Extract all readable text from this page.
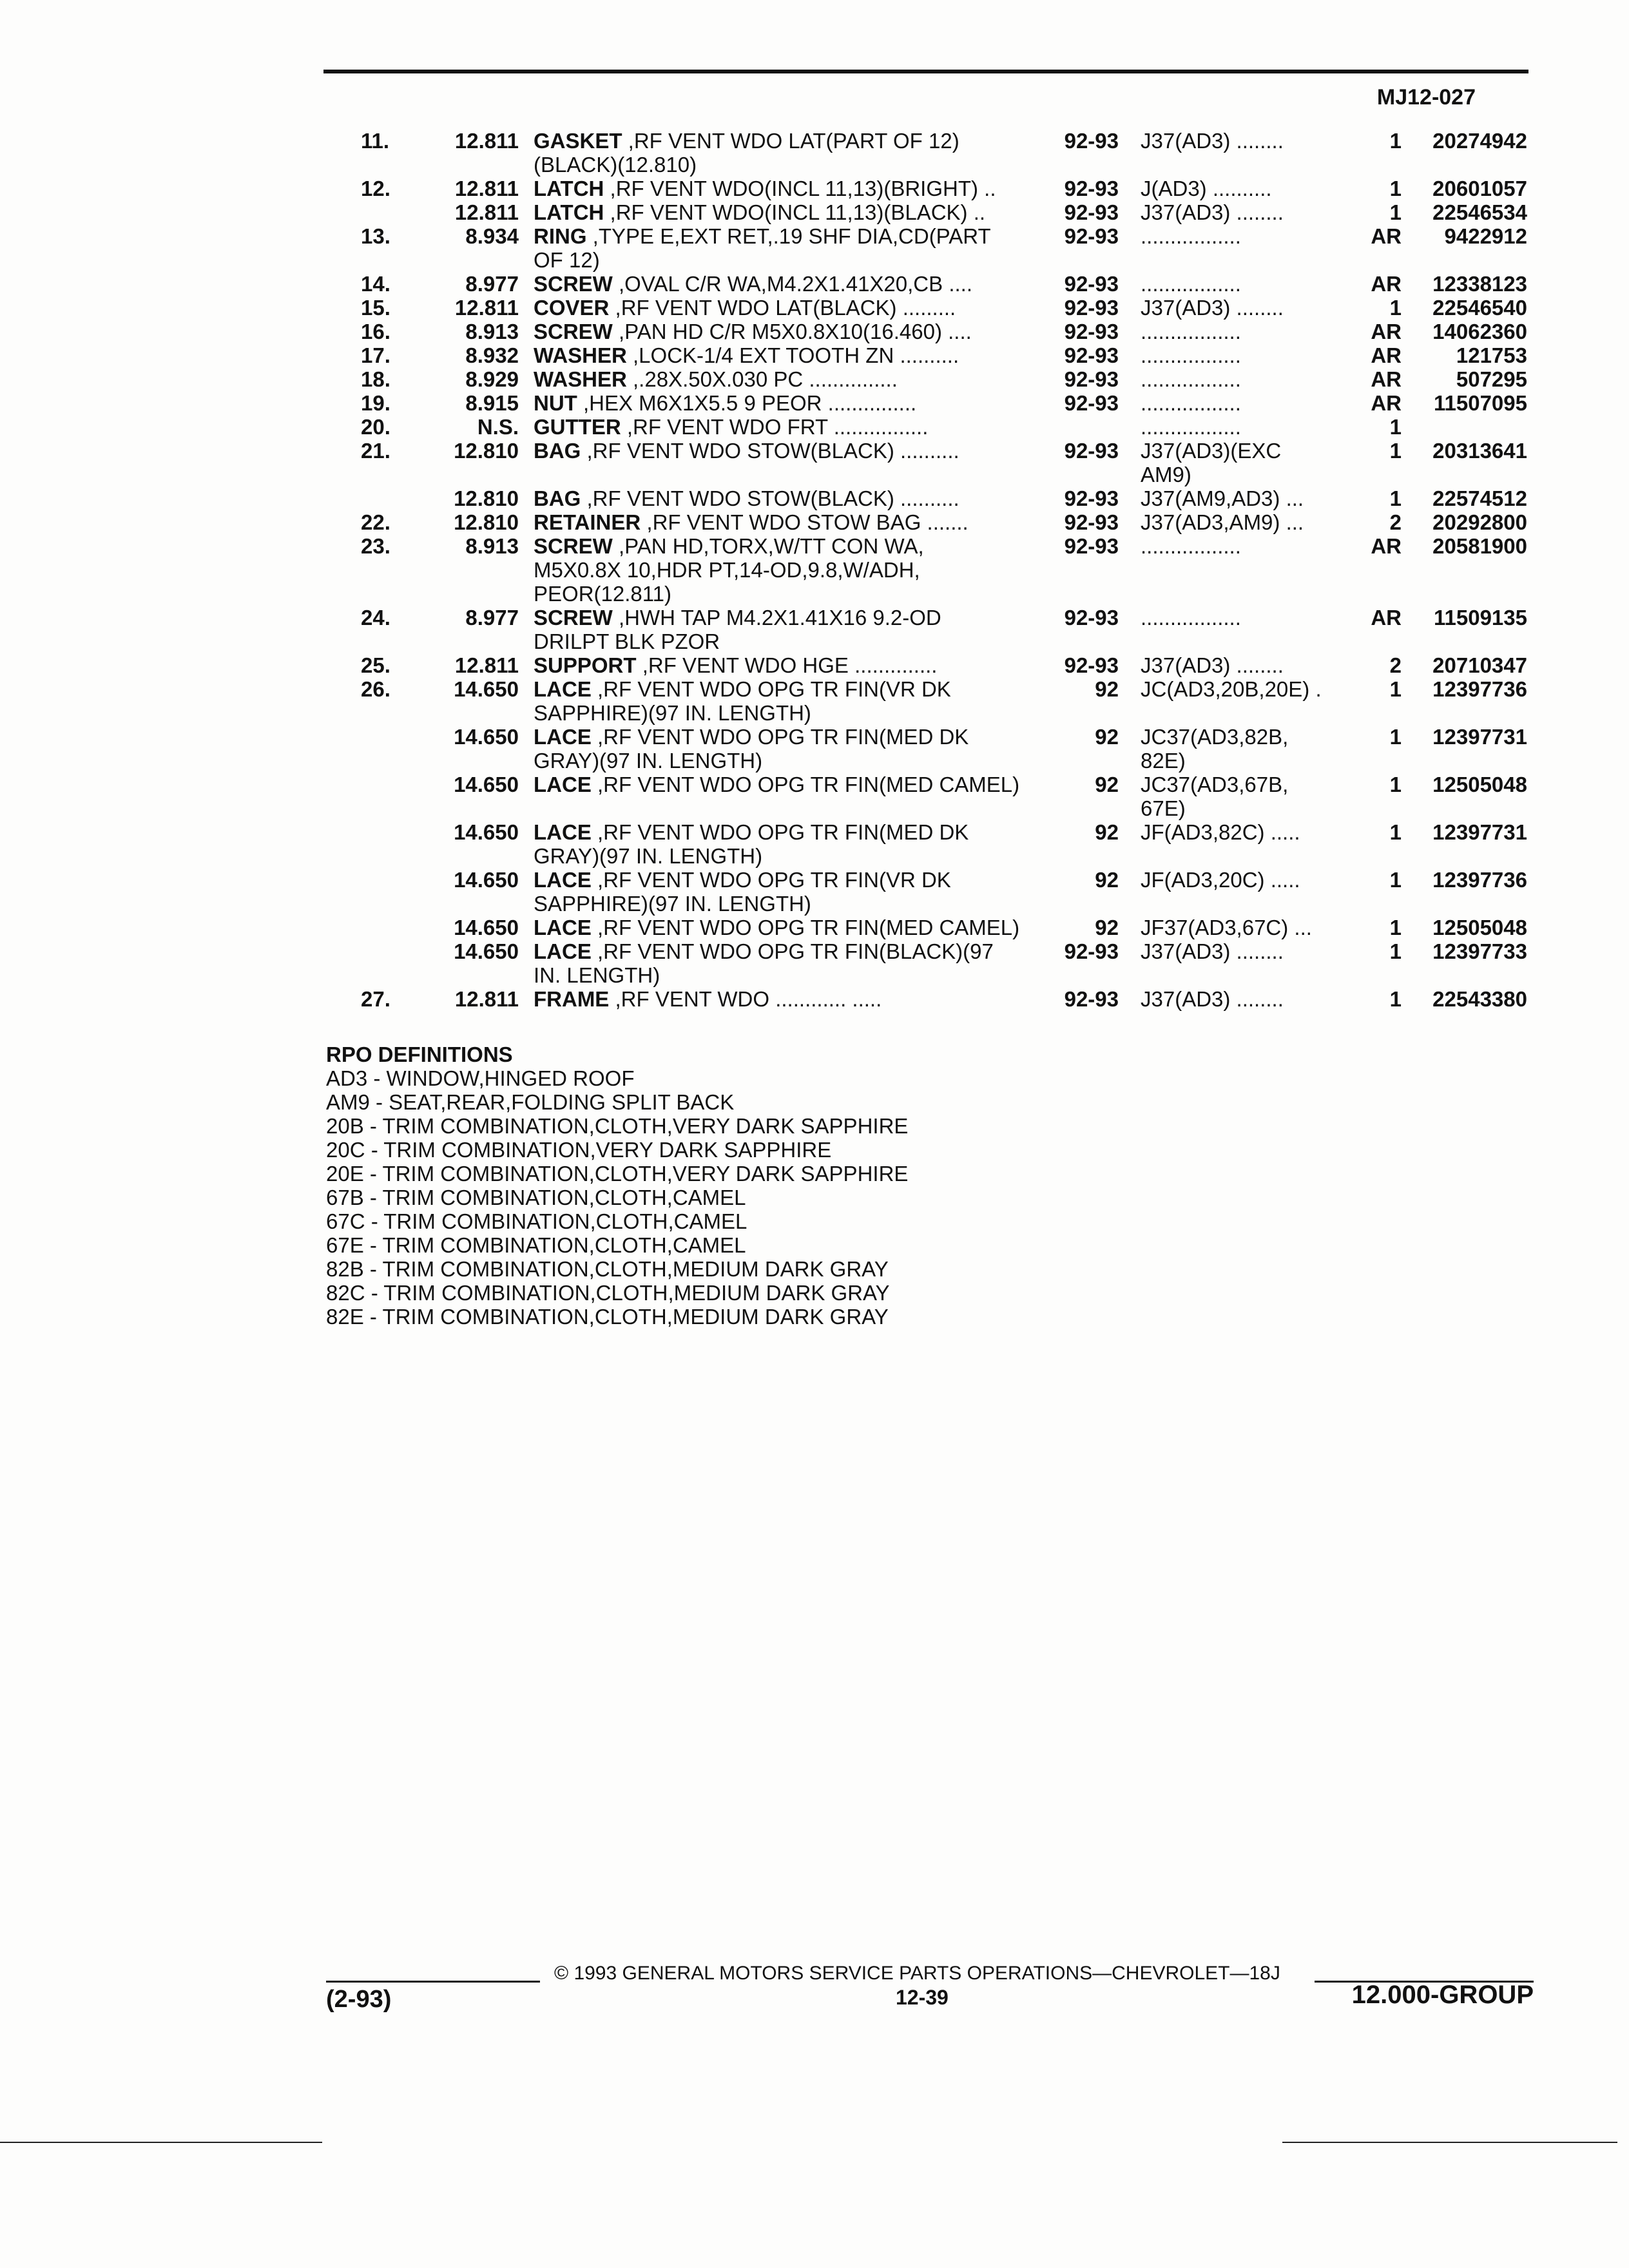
MJ12-027
11.	12.811 GASKET ,RF VENT WDO LAT(PART OF 12)	92-93 J37(AD3) ........	1	20274942
(BLACK)(12.810)
12.	12.811 LATCH ,RF VENT WDO(INCL 11,13)(BRIGHT) ..	92-93 J(AD3) ..........	1	20601057
12.811 LATCH ,RF VENT WDO(INCL 11,13)(BLACK) ..	92-93 J37(AD3) ........	1	22546534
13.	8.934 RING ,TYPE E,EXT RET,.19 SHF DIA,CD(PART	92-93 .................	AR	9422912
OF 12)
14.	8.977 SCREW ,OVAL C/R WA,M4.2X1.41X20,CB ....	92-93 .................	AR	12338123
15.	12.811 COVER ,RF VENT WDO LAT(BLACK) .........	92-93 J37(AD3) ........	1	22546540
16.	8.913 SCREW ,PAN HD C/R M5X0.8X10(16.460) ....	92-93 .................	AR	14062360
17.	8.932 WASHER ,LOCK-1/4 EXT TOOTH ZN ..........	92-93 .................	AR	121753
18.	8.929 WASHER ,.28X.50X.030 PC ...............	92-93 .................	AR	507295
19.	8.915 NUT ,HEX M6X1X5.5 9 PEOR ...............	92-93 .................	AR	11507095
20.	N.S. GUTTER ,RF VENT WDO FRT ................	.................	1
21.	12.810 BAG ,RF VENT WDO STOW(BLACK) ..........	92-93 J37(AD3)(EXC	1	20313641
AM9)
12.810 BAG ,RF VENT WDO STOW(BLACK) ..........	92-93 J37(AM9,AD3) ...	1	22574512
22.	12.810 RETAINER ,RF VENT WDO STOW BAG .......	92-93 J37(AD3,AM9) ...	2	20292800
23.	8.913 SCREW ,PAN HD,TORX,W/TT CON WA,	92-93 .................	AR	20581900
M5X0.8X 10,HDR PT,14-OD,9.8,W/ADH,
PEOR(12.811)
24.	8.977 SCREW ,HWH TAP M4.2X1.41X16 9.2-OD	92-93 .................	AR	11509135
DRILPT BLK PZOR
25.	12.811 SUPPORT ,RF VENT WDO HGE ..............	92-93 J37(AD3) ........	2	20710347
26.	14.650 LACE ,RF VENT WDO OPG TR FIN(VR DK	92 JC(AD3,20B,20E) .	1	12397736
SAPPHIRE)(97 IN. LENGTH)
14.650 LACE ,RF VENT WDO OPG TR FIN(MED DK	92 JC37(AD3,82B,	1	12397731
GRAY)(97 IN. LENGTH)	82E)
14.650 LACE ,RF VENT WDO OPG TR FIN(MED CAMEL)	92 JC37(AD3,67B,	1	12505048
67E)
14.650 LACE ,RF VENT WDO OPG TR FIN(MED DK	92 JF(AD3,82C) .....	1	12397731
GRAY)(97 IN. LENGTH)
14.650 LACE ,RF VENT WDO OPG TR FIN(VR DK	92 JF(AD3,20C) .....	1	12397736
SAPPHIRE)(97 IN. LENGTH)
14.650 LACE ,RF VENT WDO OPG TR FIN(MED CAMEL)	92 JF37(AD3,67C) ...	1	12505048
14.650 LACE ,RF VENT WDO OPG TR FIN(BLACK)(97	92-93 J37(AD3) ........	1	12397733
IN. LENGTH)
27.	12.811 FRAME ,RF VENT WDO ............ .....	92-93 J37(AD3) ........	1	22543380
RPO DEFINITIONS
AD3 - WINDOW,HINGED ROOF
AM9 - SEAT,REAR,FOLDING SPLIT BACK
20B - TRIM COMBINATION,CLOTH,VERY DARK SAPPHIRE
20C - TRIM COMBINATION,VERY DARK SAPPHIRE
20E - TRIM COMBINATION,CLOTH,VERY DARK SAPPHIRE
67B - TRIM COMBINATION,CLOTH,CAMEL
67C - TRIM COMBINATION,CLOTH,CAMEL
67E - TRIM COMBINATION,CLOTH,CAMEL
82B - TRIM COMBINATION,CLOTH,MEDIUM DARK GRAY
82C - TRIM COMBINATION,CLOTH,MEDIUM DARK GRAY
82E - TRIM COMBINATION,CLOTH,MEDIUM DARK GRAY
© 1993 GENERAL MOTORS SERVICE PARTS OPERATIONS—CHEVROLET—18J
(2-93)	12-39	12.000-GROUP
